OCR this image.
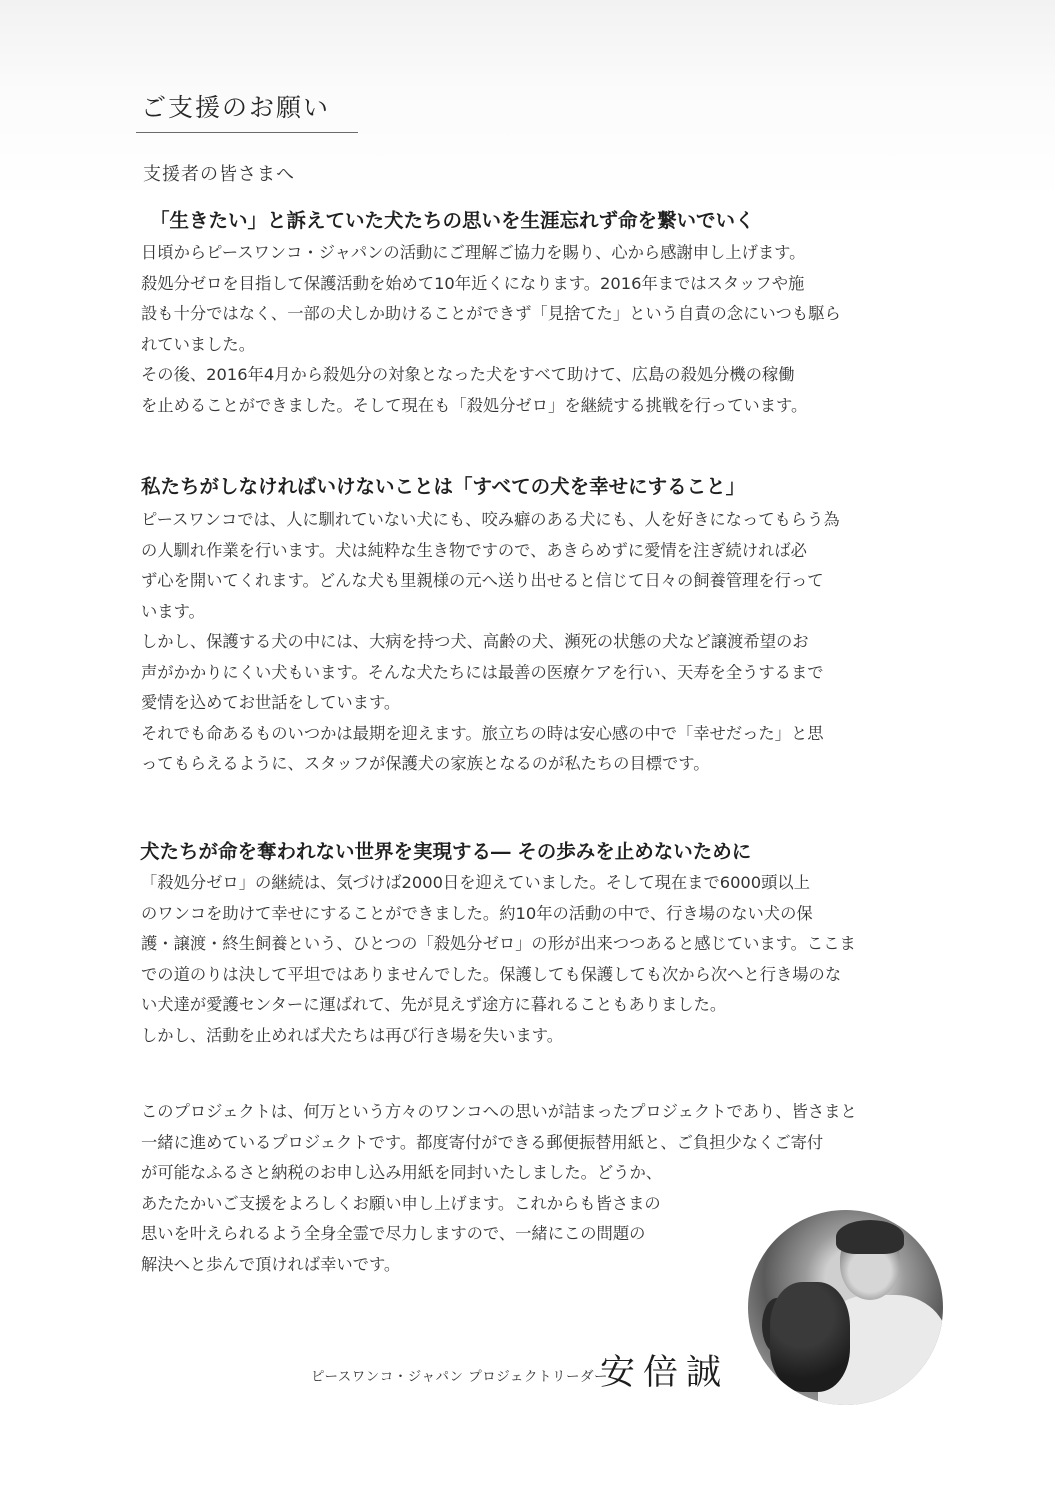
ご支援のお願い
支援者の皆さまへ
「生きたい」と訴えていた犬たちの思いを生涯忘れず命を繋いでいく

日頃からピースワンコ・ジャパンの活動にご理解ご協力を賜り、心から感謝申し上げます。

殺処分ゼロを目指して保護活動を始めて10年近くになります。2016年まではスタッフや施

設も十分ではなく、一部の犬しか助けることができず「見捨てた」という自責の念にいつも駆ら

れていました。

その後、2016年4月から殺処分の対象となった犬をすべて助けて、広島の殺処分機の稼働

を止めることができました。そして現在も「殺処分ゼロ」を継続する挑戦を行っています。

私たちがしなければいけないことは「すべての犬を幸せにすること」

ピースワンコでは、人に馴れていない犬にも、咬み癖のある犬にも、人を好きになってもらう為

の人馴れ作業を行います。犬は純粋な生き物ですので、あきらめずに愛情を注ぎ続ければ必

ず心を開いてくれます。どんな犬も里親様の元へ送り出せると信じて日々の飼養管理を行って

います。

しかし、保護する犬の中には、大病を持つ犬、高齢の犬、瀕死の状態の犬など譲渡希望のお

声がかかりにくい犬もいます。そんな犬たちには最善の医療ケアを行い、天寿を全うするまで

愛情を込めてお世話をしています。

それでも命あるものいつかは最期を迎えます。旅立ちの時は安心感の中で「幸せだった」と思

ってもらえるように、スタッフが保護犬の家族となるのが私たちの目標です。

犬たちが命を奪われない世界を実現する― その歩みを止めないために

「殺処分ゼロ」の継続は、気づけば2000日を迎えていました。そして現在まで6000頭以上

のワンコを助けて幸せにすることができました。約10年の活動の中で、行き場のない犬の保

護・譲渡・終生飼養という、ひとつの「殺処分ゼロ」の形が出来つつあると感じています。ここま

での道のりは決して平坦ではありませんでした。保護しても保護しても次から次へと行き場のな

い犬達が愛護センターに運ばれて、先が見えず途方に暮れることもありました。

しかし、活動を止めれば犬たちは再び行き場を失います。

このプロジェクトは、何万という方々のワンコへの思いが詰まったプロジェクトであり、皆さまと

一緒に進めているプロジェクトです。都度寄付ができる郵便振替用紙と、ご負担少なくご寄付

が可能なふるさと納税のお申し込み用紙を同封いたしました。どうか、

あたたかいご支援をよろしくお願い申し上げます。これからも皆さまの

思いを叶えられるよう全身全霊で尽力しますので、一緒にこの問題の

解決へと歩んで頂ければ幸いです。

ピースワンコ・ジャパン プロジェクトリーダー
安倍誠
